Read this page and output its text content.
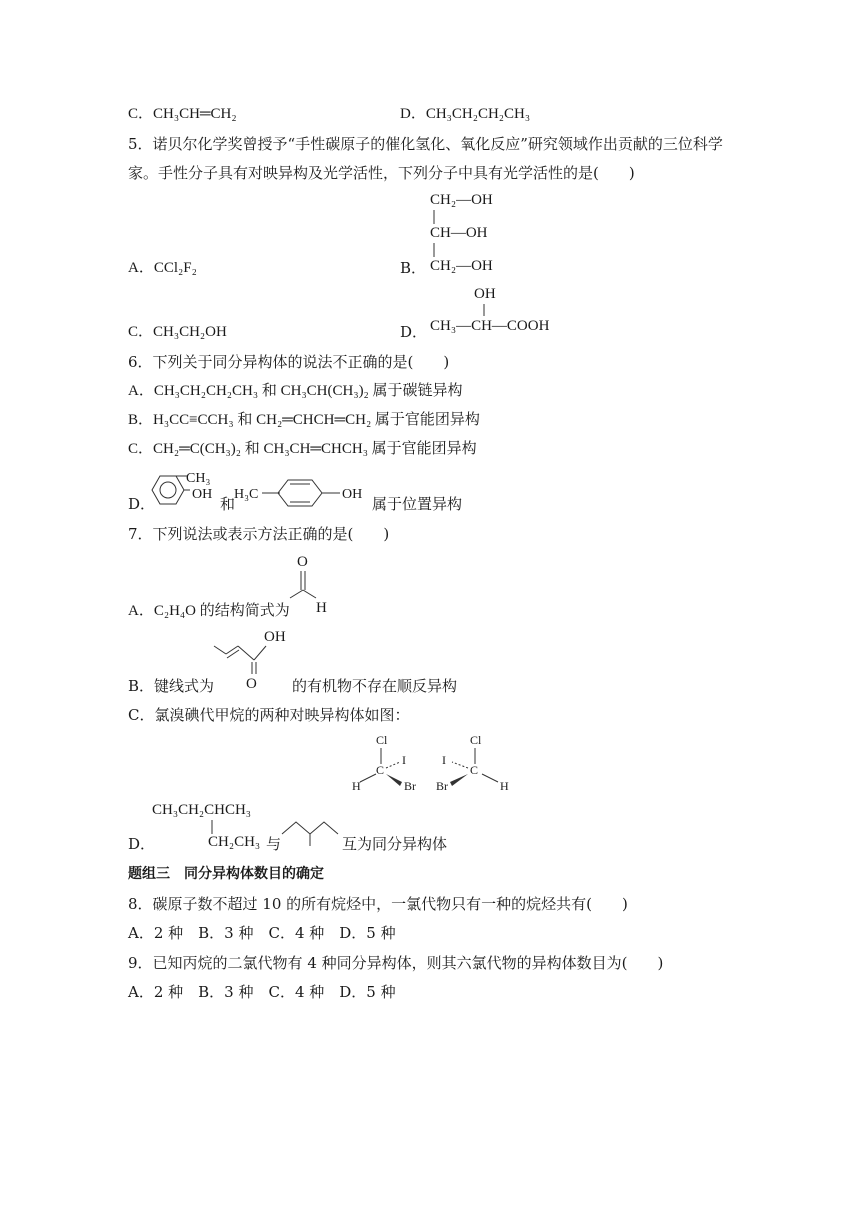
C．CH₃CH═CH₂	D．CH₃CH₂CH₂CH₃
5．诺贝尔化学奖曾授予“手性碳原子的催化氢化、氧化反应”研究领域作出贡献的三位科学
家。手性分子具有对映异构及光学活性，下列分子中具有光学活性的是(　　)
CH₂—OH
CH—OH
CH₂—OH
A．CCl₂F₂	B．
OH
CH₃—CH—COOH
C．CH₃CH₂OH	D．
6．下列关于同分异构体的说法不正确的是(　　)
A．CH₃CH₂CH₂CH₃ 和 CH₃CH(CH₃)₂ 属于碳链异构
B．H₃CC≡CCH₃ 和 CH₂═CHCH═CH₂ 属于官能团异构
C．CH₂═C(CH₃)₂ 和 CH₃CH═CHCH₃ 属于官能团异构
D．
CH₃
OH
和
H₃C	OH
属于位置异构
7．下列说法或表示方法正确的是(　　)
O
H
A．C₂H₄O 的结构简式为
OH
O
B．键线式为	的有机物不存在顺反异构
C．氯溴碘代甲烷的两种对映异构体如图：
Cl
C
I
H	Br
Cl
C
I
Br	H
CH₃CH₂CHCH₃
CH₂CH₃
D．	与	互为同分异构体
题组三　同分异构体数目的确定
8．碳原子数不超过 10 的所有烷烃中，一氯代物只有一种的烷烃共有(　　)
A．2 种　B．3 种　C．4 种　D．5 种
9．已知丙烷的二氯代物有 4 种同分异构体，则其六氯代物的异构体数目为(　　)
A．2 种　B．3 种　C．4 种　D．5 种
